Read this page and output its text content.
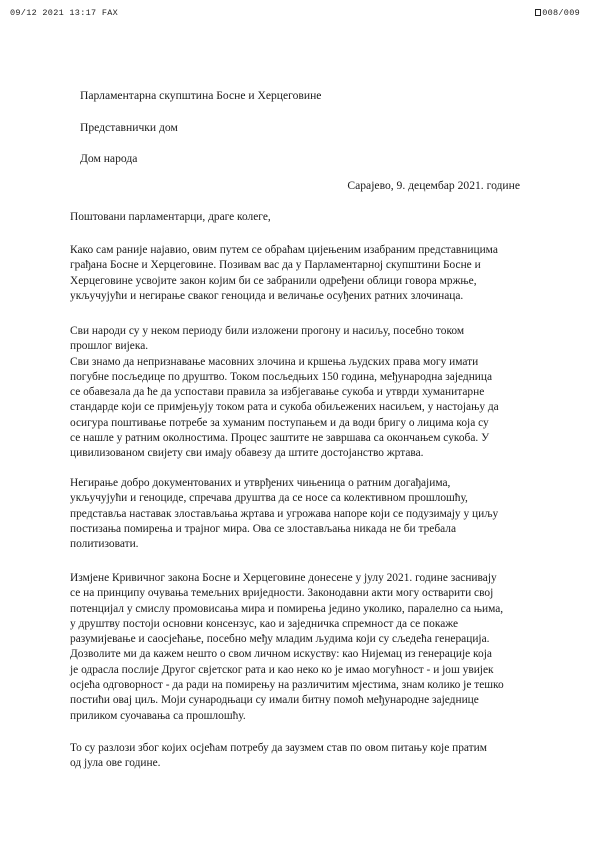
09/12 2021 13:17 FAX	008/009
Парламентарна скупштина Босне и Херцеговине
Представнички дом
Дом народа
Сарајево, 9. децембар 2021. године
Поштовани парламентарци, драге колеге,
Како сам раније најавио, овим путем се обраћам цијењеним изабраним представницима
грађана Босне и Херцеговине. Позивам вас да у Парламентарној скупштини Босне и
Херцеговине усвојите закон којим би се забранили одређени облици говора мржње,
укључујући и негирање сваког геноцида и величање осуђених ратних злочинаца.
Сви народи су у неком периоду били изложени прогону и насиљу, посебно током
прошлог вијека.
Сви знамо да непризнавање масовних злочина и кршења људских права могу имати
погубне посљедице по друштво. Током посљедњих 150 година, међународна заједница
се обавезала да ће да успостави правила за избјегавање сукоба и утврди хуманитарне
стандарде који се примјењују током рата и сукоба обиљежених насиљем, у настојању да
осигура поштивање потребе за хуманим поступањем и да води бригу о лицима која су
се нашле у ратним околностима. Процес заштите не завршава са окончањем сукоба. У
цивилизованом свијету сви имају обавезу да штите достојанство жртава.
Негирање добро документованих и утврђених чињеница о ратним догађајима,
укључујући и геноциде, спречава друштва да се носе са колективном прошлошћу,
представља наставак злостављања жртава и угрожава напоре који се подузимају у циљу
постизања помирења и трајног мира. Ова се злостављања никада не би требала
политизовати.
Измјене Кривичног закона Босне и Херцеговине донесене у јулу 2021. године заснивају
се на принципу очувања темељних вриједности. Законодавни акти могу остварити свој
потенцијал у смислу промовисања мира и помирења једино уколико, паралелно са њима,
у друштву постоји основни консензус, као и заједничка спремност да се покаже
разумијевање и саосјећање, посебно међу младим људима који су сљедећа генерација.
Дозволите ми да кажем нешто о свом личном искуству: као Нијемац из генерације која
је одрасла послије Другог свјетског рата и као неко ко је имао могућност - и још увијек
осјећа одговорност - да ради на помирењу на различитим мјестима, знам колико је тешко
постићи овај циљ. Моји сународњаци су имали битну помоћ међународне заједнице
приликом суочавања са прошлошћу.
То су разлози због којих осјећам потребу да заузмем став по овом питању које пратим
од јула ове године.
